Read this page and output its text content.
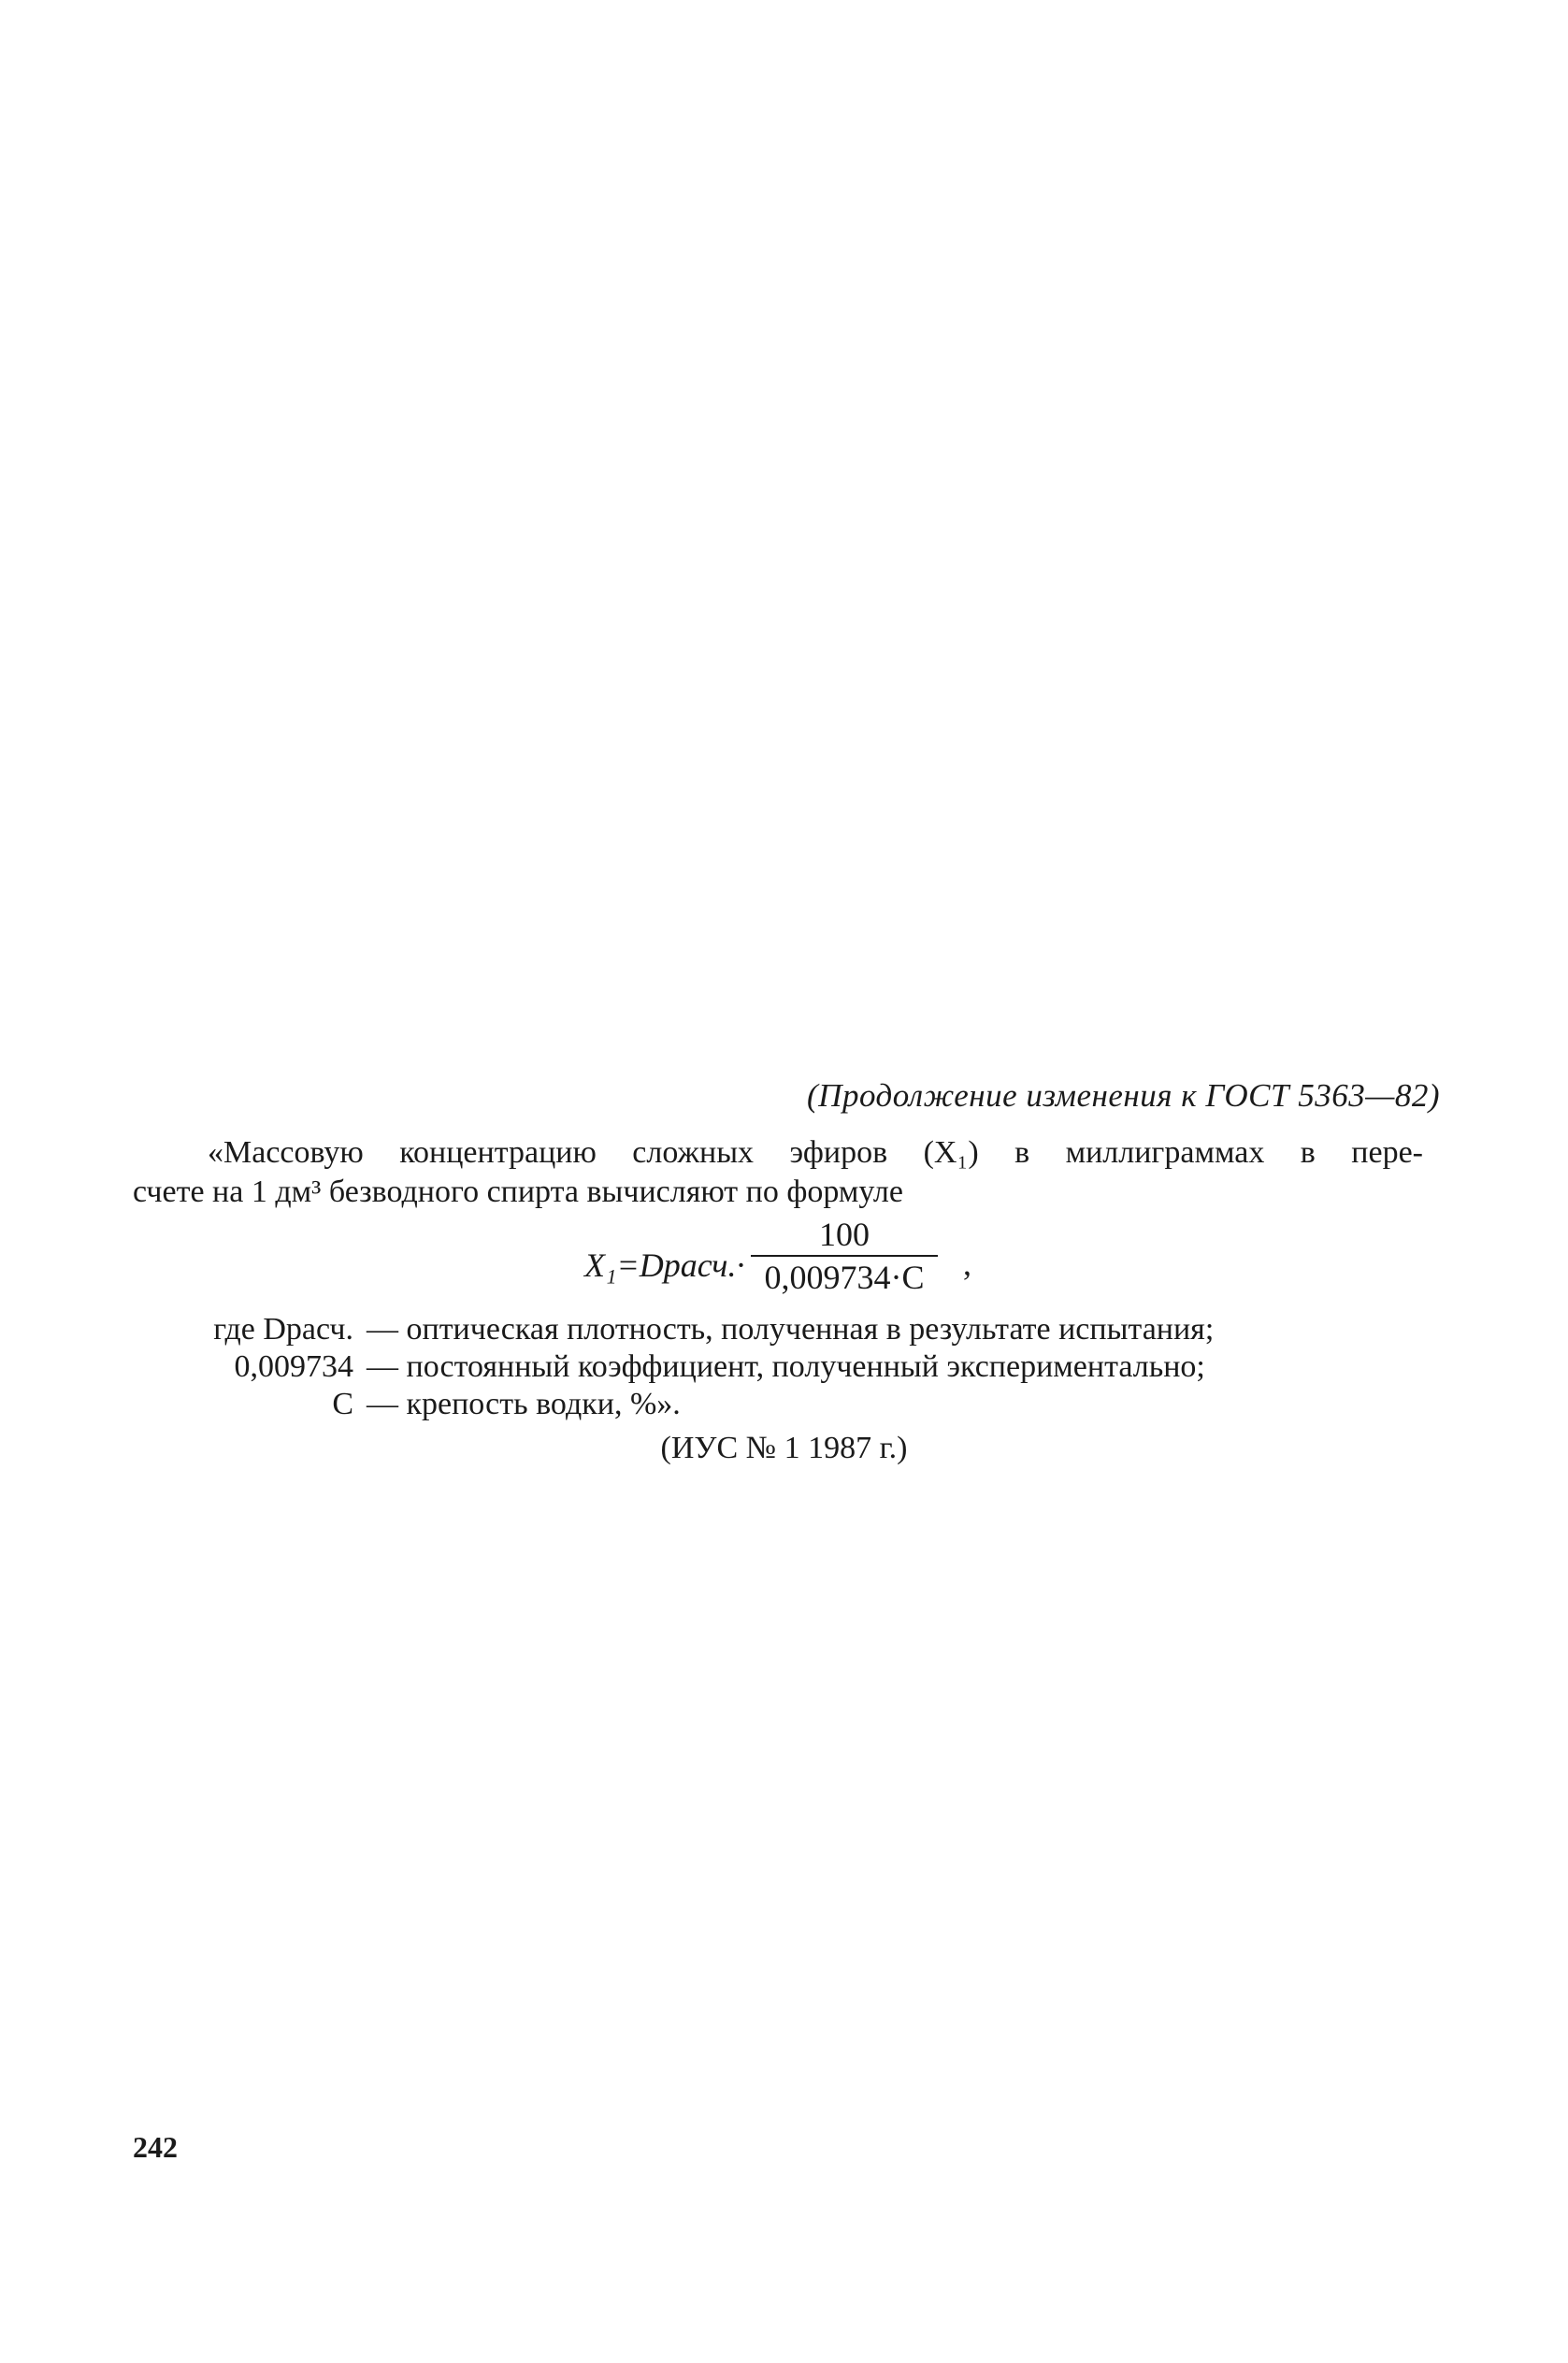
(Продолжение изменения к ГОСТ 5363—82)
«Массовую концентрацию сложных эфиров (X₁) в миллиграммах в пере-
счете на 1 дм³ безводного спирта вычисляют по формуле
X₁=Dрасч.·
100
0,009734·C	,
где Dрасч. — оптическая плотность, полученная в результате испытания;
0,009734 — постоянный коэффициент, полученный экспериментально;
C — крепость водки, %».
(ИУС № 1 1987 г.)
242
